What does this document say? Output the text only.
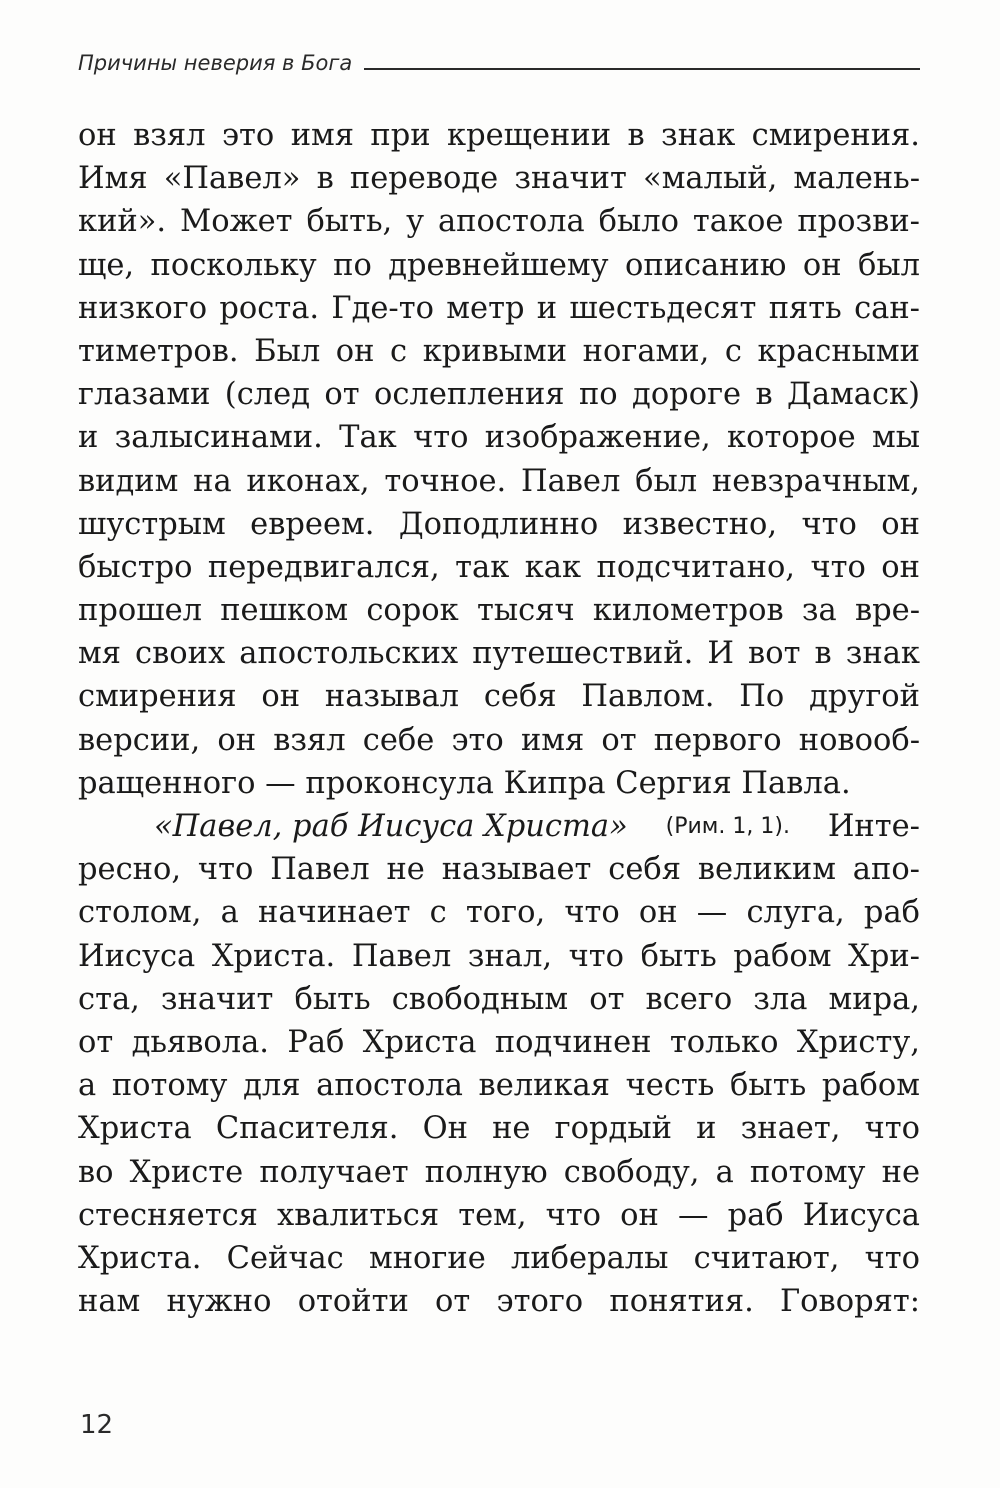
Причины неверия в Бога
он взял это имя при крещении в знак смирения.
Имя «Павел» в переводе значит «малый, малень-
кий». Может быть, у апостола было такое прозви-
ще, поскольку по древнейшему описанию он был
низкого роста. Где-то метр и шестьдесят пять сан-
тиметров. Был он с кривыми ногами, с красными
глазами (след от ослепления по дороге в Дамаск)
и залысинами. Так что изображение, которое мы
видим на иконах, точное. Павел был невзрачным,
шустрым евреем. Доподлинно известно, что он
быстро передвигался, так как подсчитано, что он
прошел пешком сорок тысяч километров за вре-
мя своих апостольских путешествий. И вот в знак
смирения он называл себя Павлом. По другой
версии, он взял себе это имя от первого новооб-
ращенного — проконсула Кипра Сергия Павла.
«Павел, раб Иисуса Христа» (Рим. 1, 1). Инте-
ресно, что Павел не называет себя великим апо-
столом, а начинает с того, что он — слуга, раб
Иисуса Христа. Павел знал, что быть рабом Хри-
ста, значит быть свободным от всего зла мира,
от дьявола. Раб Христа подчинен только Христу,
а потому для апостола великая честь быть рабом
Христа Спасителя. Он не гордый и знает, что
во Христе получает полную свободу, а потому не
стесняется хвалиться тем, что он — раб Иисуса
Христа. Сейчас многие либералы считают, что
нам нужно отойти от этого понятия. Говорят:
12
